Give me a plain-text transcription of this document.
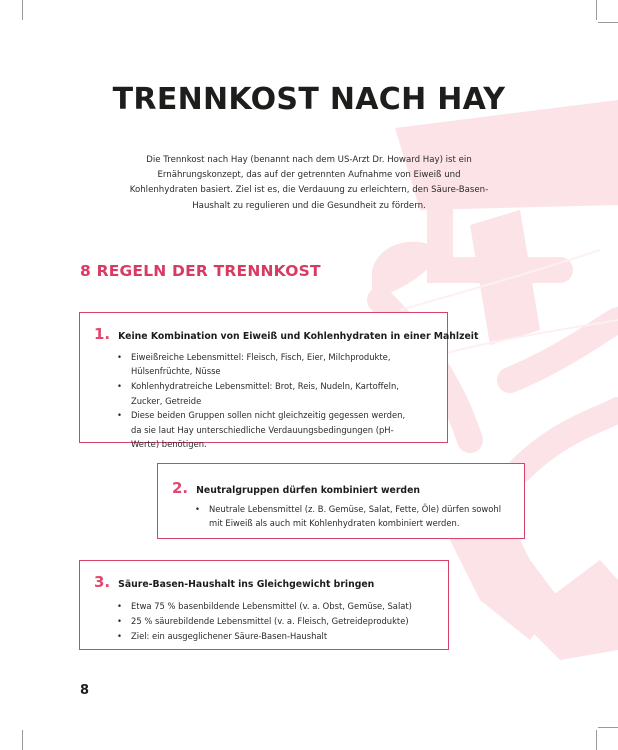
TRENNKOST NACH HAY

Die Trennkost nach Hay (benannt nach dem US-Arzt Dr. Howard Hay) ist ein Ernährungskonzept, das auf der getrennten Aufnahme von Eiweiß und Kohlenhydraten basiert. Ziel ist es, die Verdauung zu erleichtern, den Säure-Basen-Haushalt zu regulieren und die Gesundheit zu fördern.

8 REGELN DER TRENNKOST
1. Keine Kombination von Eiweiß und Kohlenhydraten in einer Mahlzeit
• Eiweißreiche Lebensmittel: Fleisch, Fisch, Eier, Milchprodukte, Hülsenfrüchte, Nüsse
• Kohlenhydratreiche Lebensmittel: Brot, Reis, Nudeln, Kartoffeln, Zucker, Getreide
• Diese beiden Gruppen sollen nicht gleichzeitig gegessen werden, da sie laut Hay unterschiedliche Verdauungsbedingungen (pH-Werte) benötigen.
2. Neutralgruppen dürfen kombiniert werden
• Neutrale Lebensmittel (z. B. Gemüse, Salat, Fette, Öle) dürfen sowohl mit Eiweiß als auch mit Kohlenhydraten kombiniert werden.
3. Säure-Basen-Haushalt ins Gleichgewicht bringen
• Etwa 75 % basenbildende Lebensmittel (v. a. Obst, Gemüse, Salat)
• 25 % säurebildende Lebensmittel (v. a. Fleisch, Getreideprodukte)
• Ziel: ein ausgeglichener Säure-Basen-Haushalt
8
